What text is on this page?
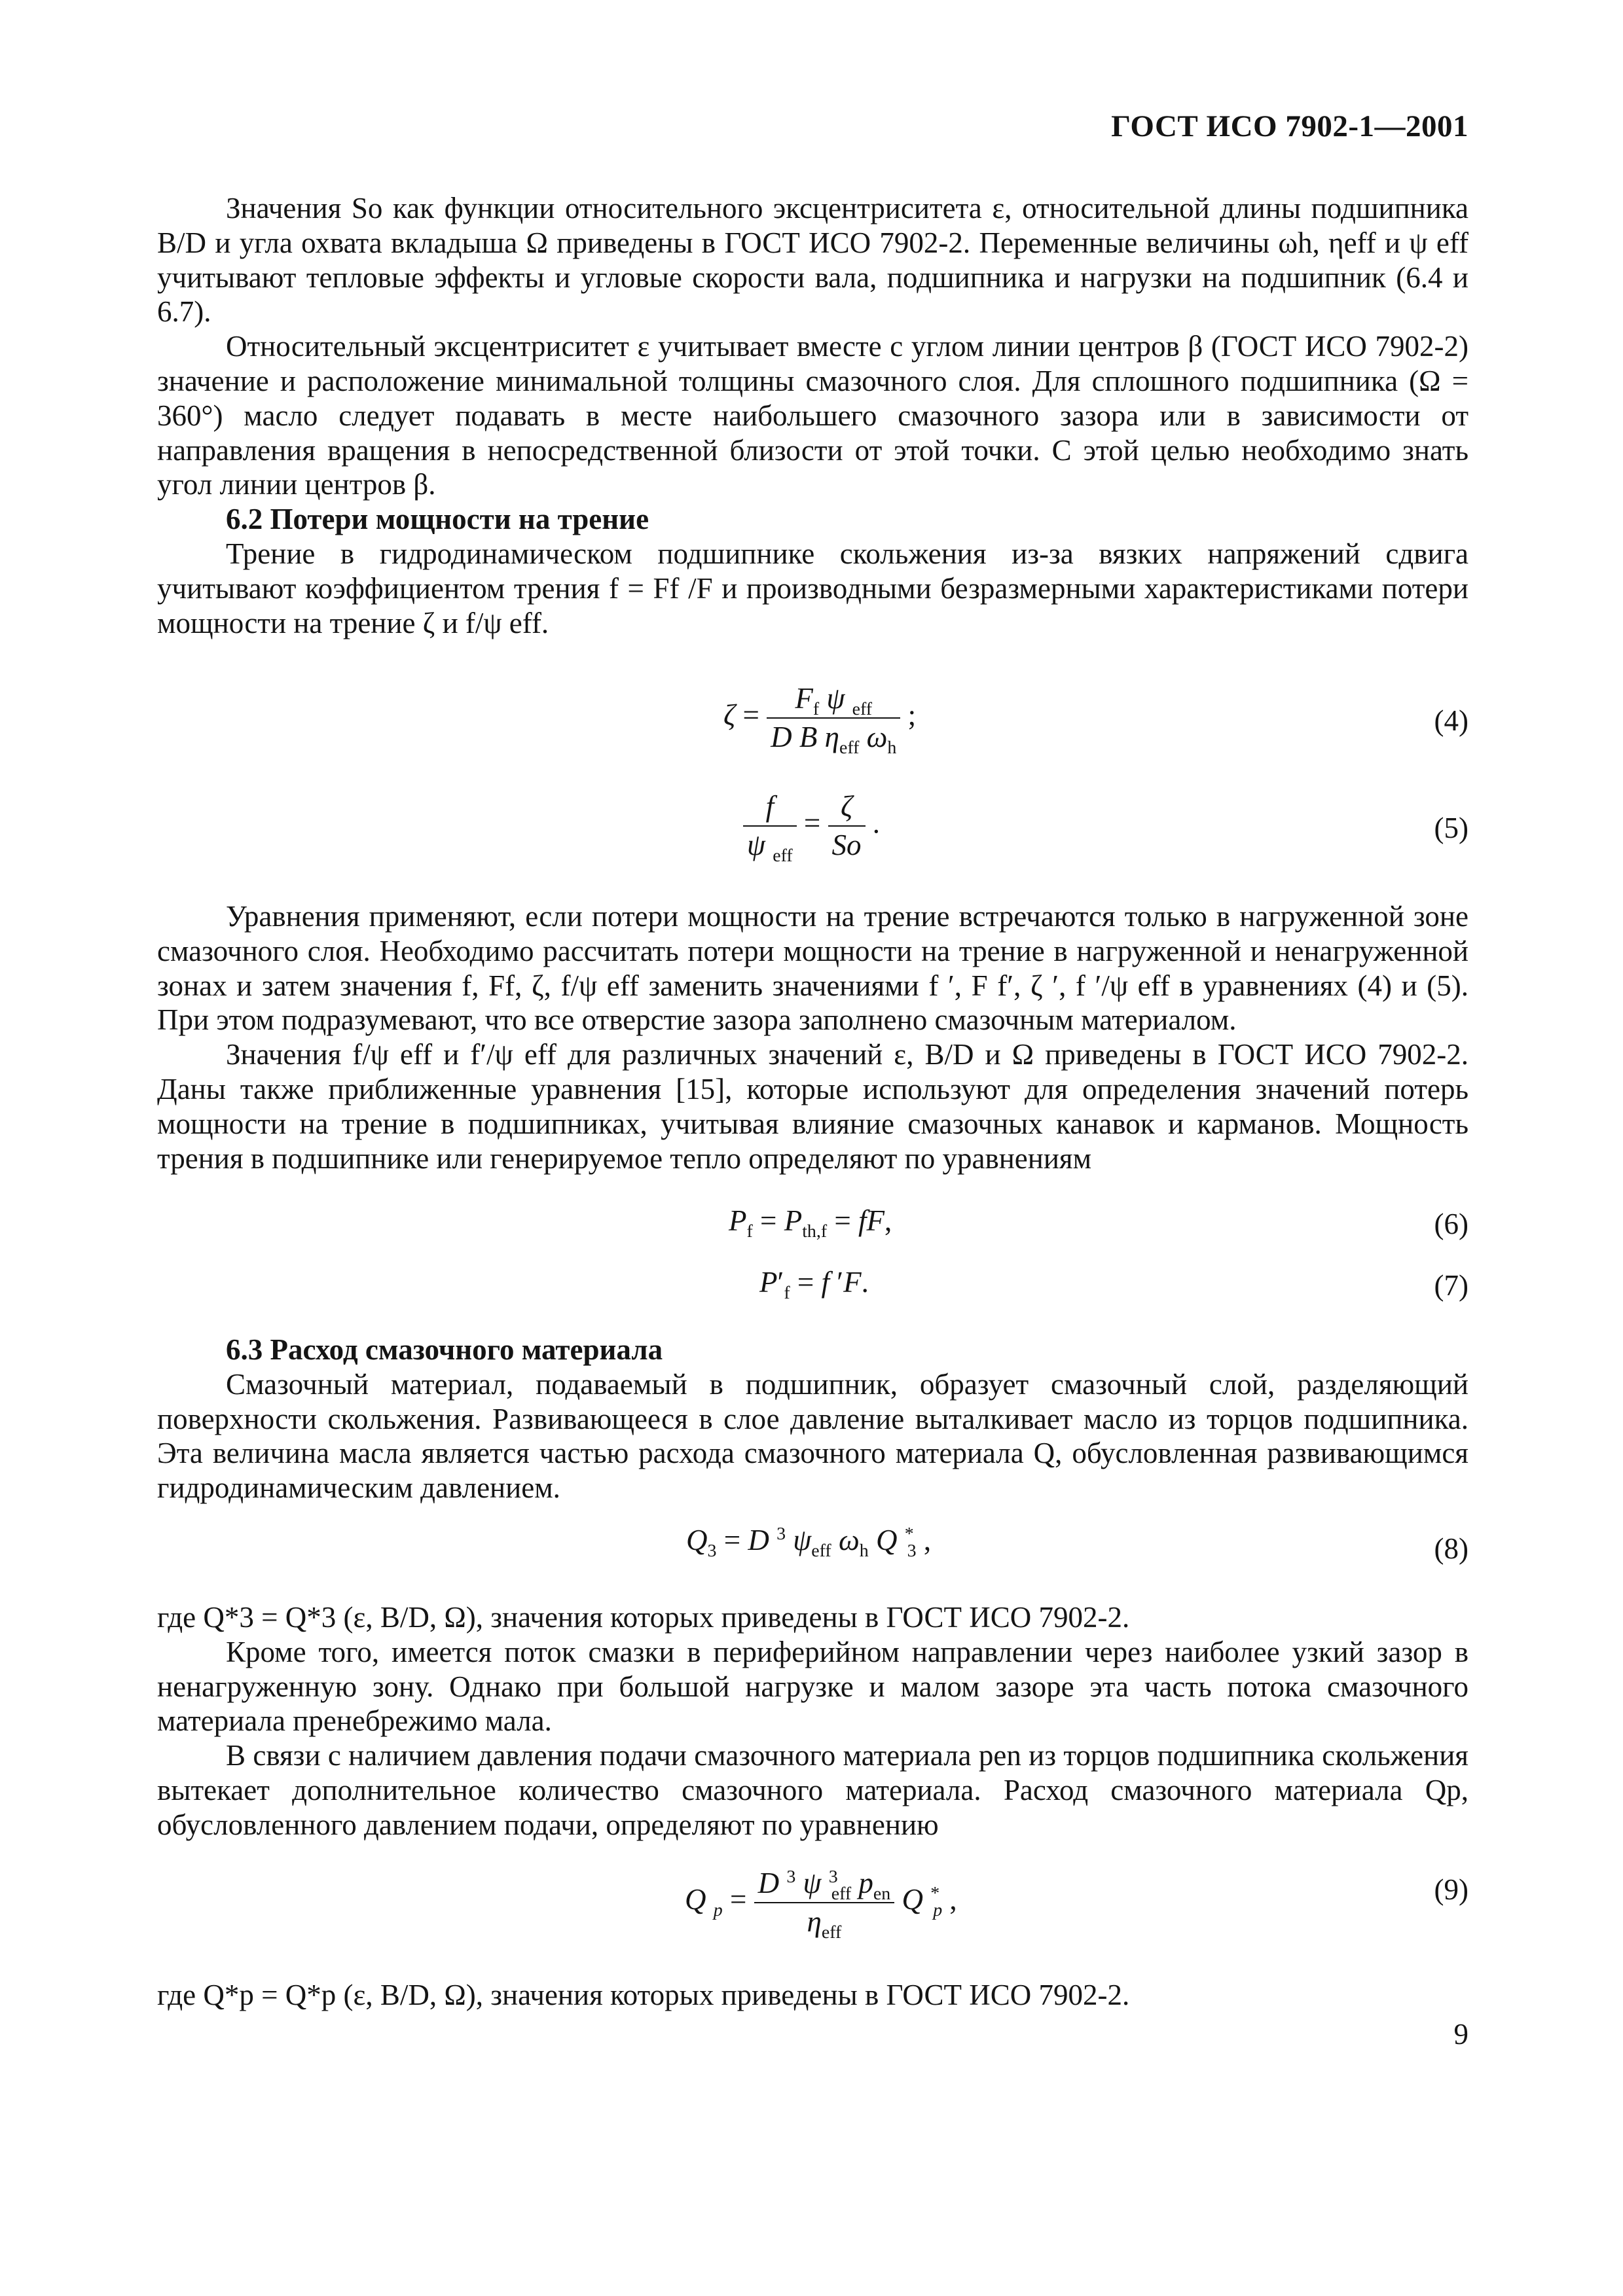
ГОСТ ИСО 7902-1—2001
Значения So как функции относительного эксцентриситета ε, относительной длины подшипника B/D и угла охвата вкладыша Ω приведены в ГОСТ ИСО 7902-2. Переменные величины ωh, ηeff и ψ eff учитывают тепловые эффекты и угловые скорости вала, подшипника и нагрузки на подшипник (6.4 и 6.7).
Относительный эксцентриситет ε учитывает вместе с углом линии центров β (ГОСТ ИСО 7902-2) значение и расположение минимальной толщины смазочного слоя. Для сплошного подшипника (Ω = 360°) масло следует подавать в месте наибольшего смазочного зазора или в зависимости от направления вращения в непосредственной близости от этой точки. С этой целью необходимо знать угол линии центров β.
6.2 Потери мощности на трение
Трение в гидродинамическом подшипнике скольжения из-за вязких напряжений сдвига учитывают коэффициентом трения f = Ff /F и производными безразмерными характеристиками потери мощности на трение ζ и f/ψ eff.
$\zeta = \frac{F_f \psi _{eff}}{D B \eta_{eff} \omega_h}$ ;	(4)
$\frac{f}{\psi _{eff}} = \frac{\zeta}{So}$ .	(5)
Уравнения применяют, если потери мощности на трение встречаются только в нагруженной зоне смазочного слоя. Необходимо рассчитать потери мощности на трение в нагруженной и ненагруженной зонах и затем значения f, Ff, ζ, f/ψ eff заменить значениями f ′, F f′, ζ ′, f ′/ψ eff в уравнениях (4) и (5). При этом подразумевают, что все отверстие зазора заполнено смазочным материалом.
Значения f/ψ eff и f′/ψ eff для различных значений ε, B/D и Ω приведены в ГОСТ ИСО 7902-2. Даны также приближенные уравнения [15], которые используют для определения значений потерь мощности на трение в подшипниках, учитывая влияние смазочных канавок и карманов. Мощность трения в подшипнике или генерируемое тепло определяют по уравнениям
$P_f = P_{th,f}$ = fF,	(6)
$P'_f = f$ ′F.	(7)
6.3 Расход смазочного материала
Смазочный материал, подаваемый в подшипник, образует смазочный слой, разделяющий поверхности скольжения. Развивающееся в слое давление выталкивает масло из торцов подшипника. Эта величина масла является частью расхода смазочного материала Q, обусловленная развивающимся гидродинамическим давлением.
$Q_3 = D$ $^3$ $\psi_{eff}$ $\omega_h$ Q *$_3$ ,	(8)
где Q*3 = Q*3 (ε, B/D, Ω), значения которых приведены в ГОСТ ИСО 7902-2.
Кроме того, имеется поток смазки в периферийном направлении через наиболее узкий зазор в ненагруженную зону. Однако при большой нагрузке и малом зазоре эта часть потока смазочного материала пренебрежимо мала.
В связи с наличием давления подачи смазочного материала pen из торцов подшипника скольжения вытекает дополнительное количество смазочного материала. Расход смазочного материала Qp, обусловленного давлением подачи, определяют по уравнению
Q $_p = \frac{D ^3 \psi ^3_{eff} p_{en}}{\eta_{eff}}$ Q *$_p$ ,	(9)
где Q*p = Q*p (ε, B/D, Ω), значения которых приведены в ГОСТ ИСО 7902-2.
9
